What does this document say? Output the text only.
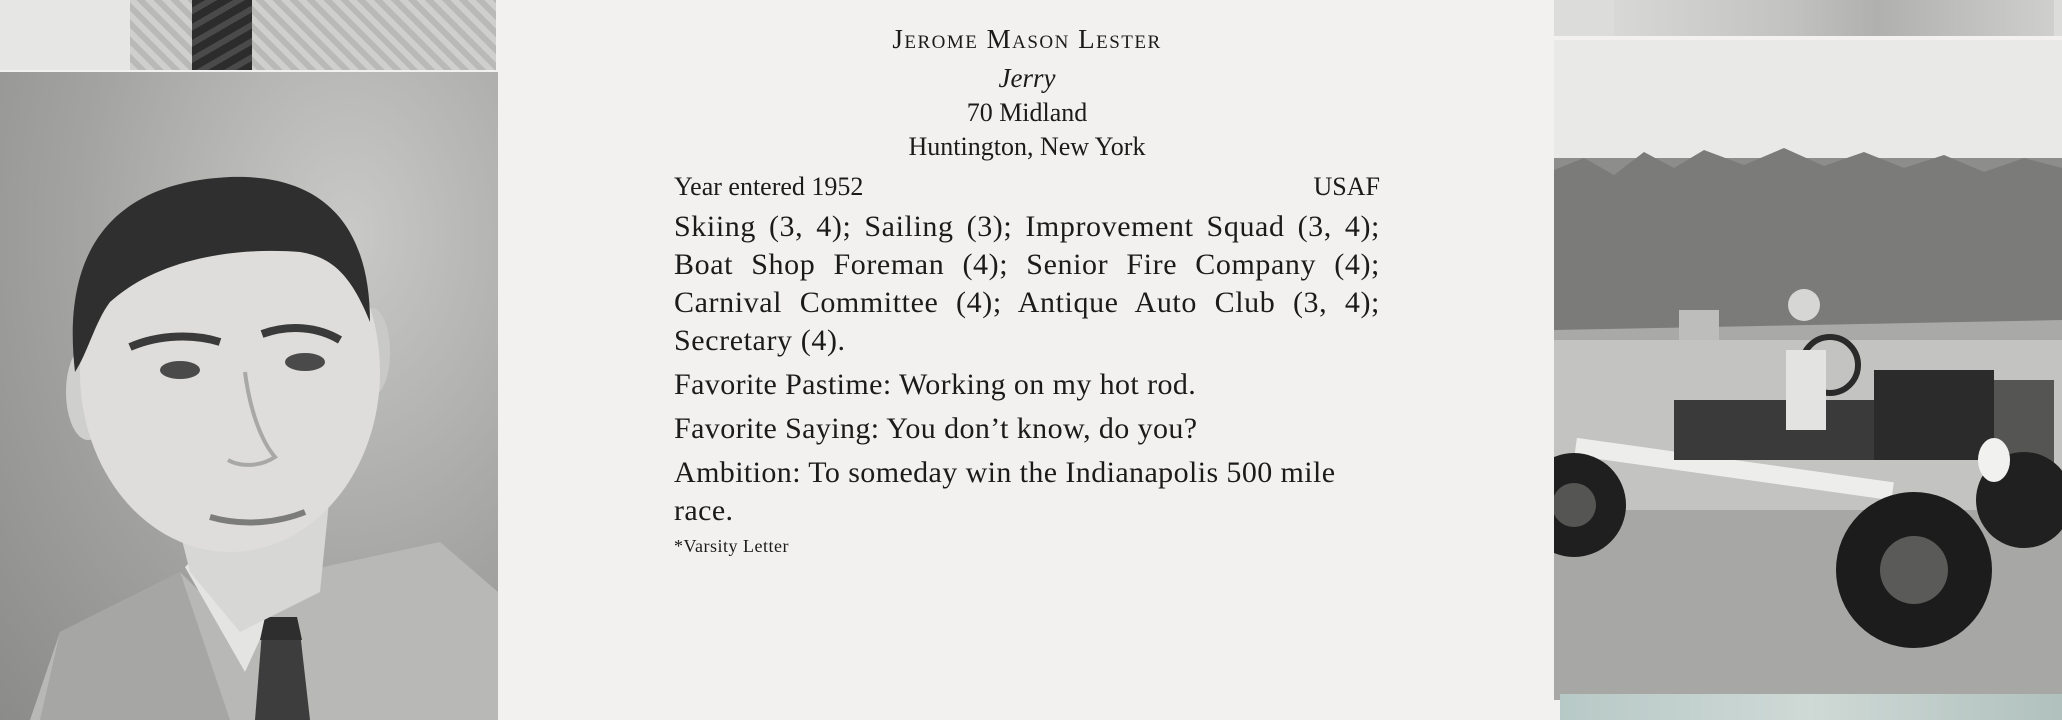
Jerome Mason Lester
Jerry
70 Midland
Huntington, New York
Year entered 1952	USAF
Skiing (3, 4); Sailing (3); Improvement Squad (3, 4); Boat Shop Foreman (4); Senior Fire Company (4); Carnival Committee (4); Antique Auto Club (3, 4); Secretary (4).
Favorite Pastime: Working on my hot rod.
Favorite Saying: You don’t know, do you?
Ambition: To someday win the Indianapolis 500 mile race.
*Varsity Letter
